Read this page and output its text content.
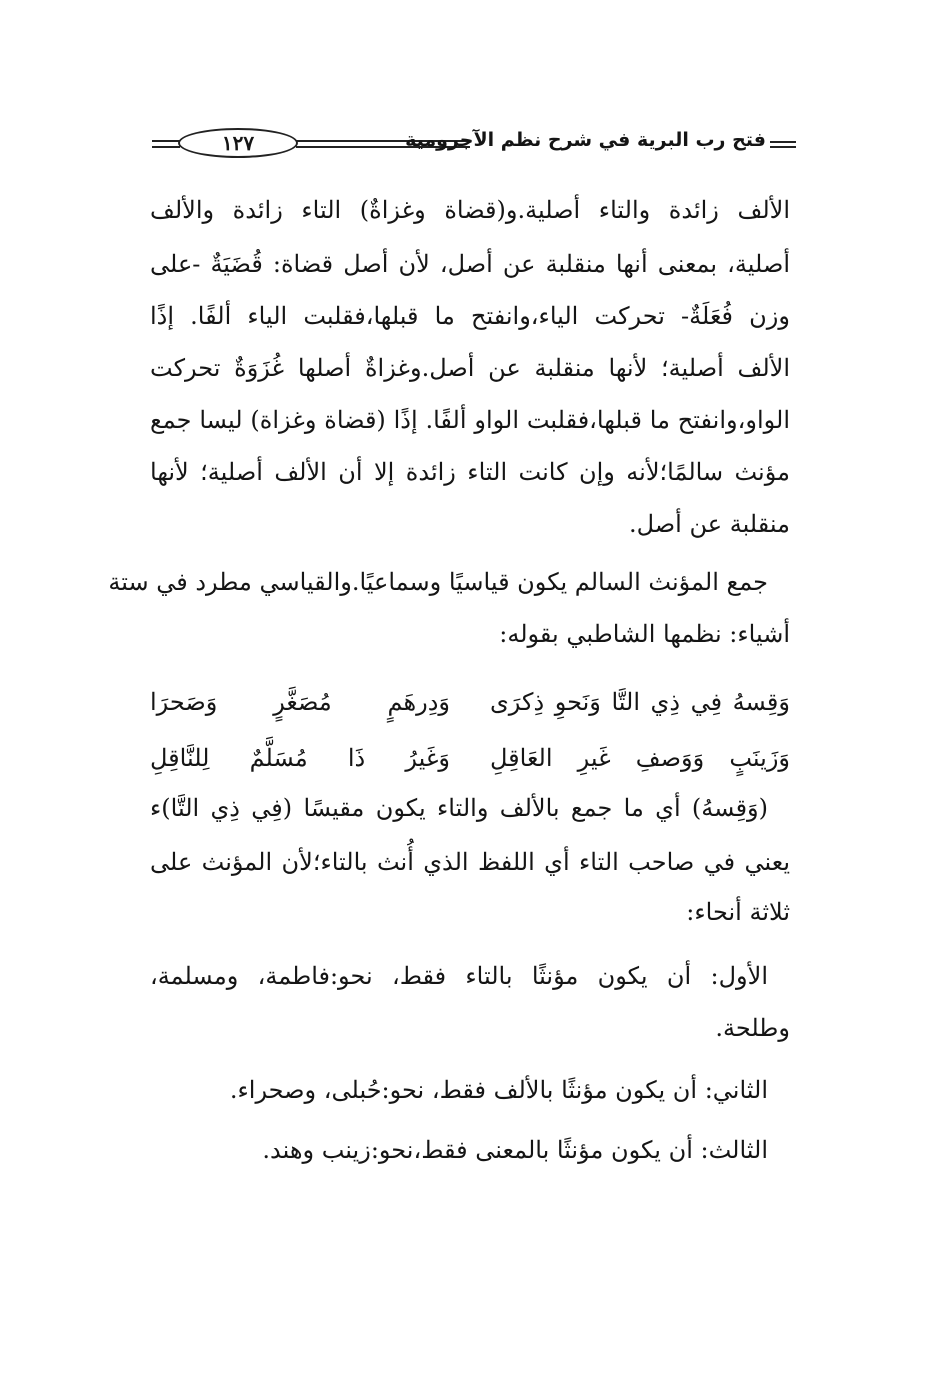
١٢٧	فتح رب البرية في شرح نظم الآجرومية
الألف زائدة والتاء أصلية.و(قضاة وغزاةٌ) التاء زائدة والألف
أصلية، بمعنى أنها منقلبة عن أصل، لأن أصل قضاة: قُضَيَةٌ -على
وزن فُعَلَةٌ- تحركت الياء،وانفتح ما قبلها،فقلبت الياء ألفًا. إذًا
الألف أصلية؛ لأنها منقلبة عن أصل.وغزاةٌ أصلها غُزَوَةٌ تحركت
الواو،وانفتح ما قبلها،فقلبت الواو ألفًا. إذًا (قضاة وغزاة) ليسا جمع
مؤنث سالمًا؛لأنه وإن كانت التاء زائدة إلا أن الألف أصلية؛ لأنها
منقلبة عن أصل.
جمع المؤنث السالم يكون قياسيًا وسماعيًا.والقياسي مطرد في ستة
أشياء: نظمها الشاطبي بقوله:
وَقِسهُ فِي ذِي التَّا وَنَحوِ ذِكرَى
وَدِرهَمٍ مُصَغَّرٍ وَصَحرَا
وَزَينَبٍ وَوَصفِ غَيرِ العَاقِلِ
وَغَيرُ ذَا مُسَلَّمٌ لِلنَّاقِلِ
(وَقِسهُ) أي ما جمع بالألف والتاء يكون مقيسًا (فِي ذِي التَّا)ء
يعني في صاحب التاء أي اللفظ الذي أُنث بالتاء؛لأن المؤنث على
ثلاثة أنحاء:
الأول: أن يكون مؤنثًا بالتاء فقط، نحو:فاطمة، ومسلمة،
وطلحة.
الثاني: أن يكون مؤنثًا بالألف فقط، نحو:حُبلى، وصحراء.
الثالث: أن يكون مؤنثًا بالمعنى فقط،نحو:زينب وهند.
